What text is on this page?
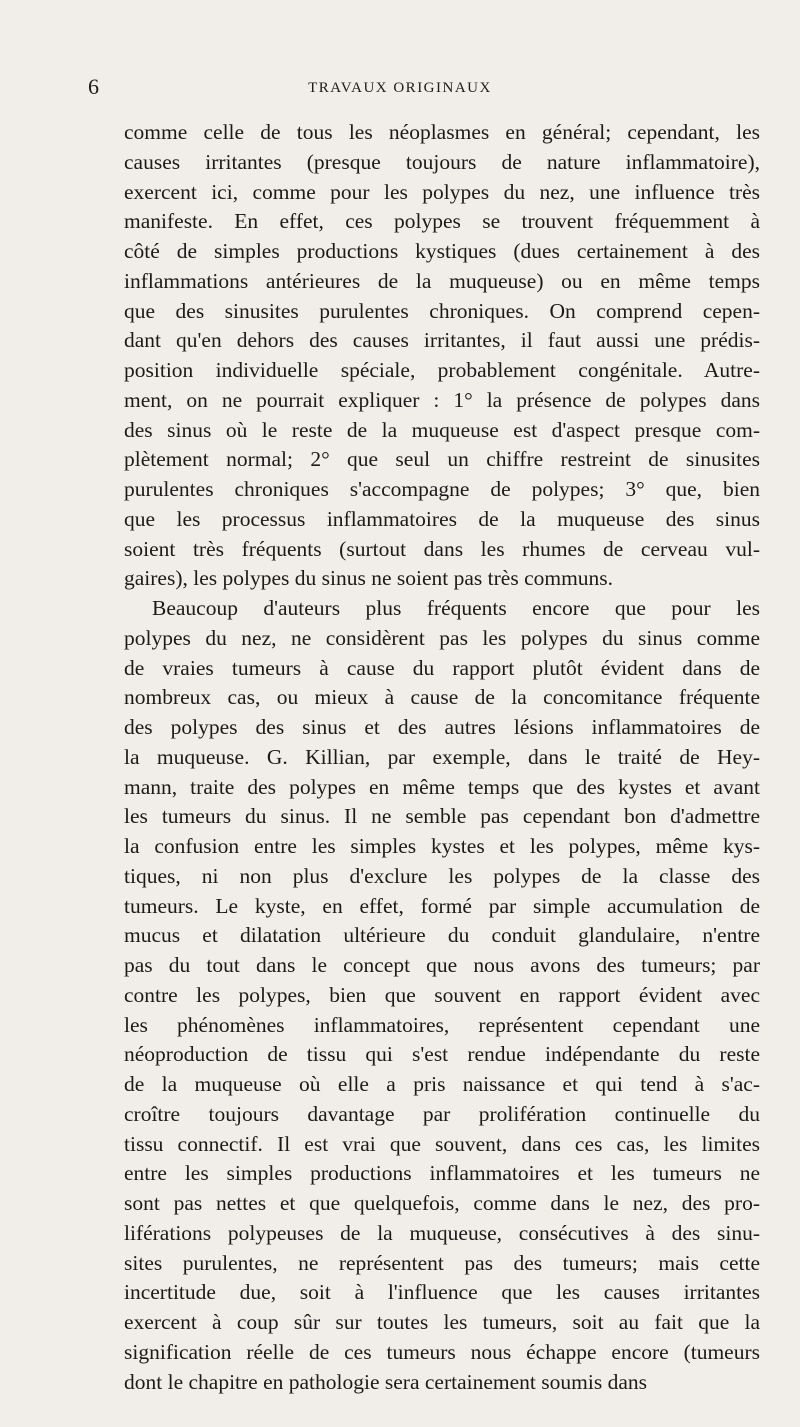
6	TRAVAUX ORIGINAUX
comme celle de tous les néoplasmes en général; cependant, les
causes irritantes (presque toujours de nature inflammatoire),
exercent ici, comme pour les polypes du nez, une influence très
manifeste. En effet, ces polypes se trouvent fréquemment à
côté de simples productions kystiques (dues certainement à des
inflammations antérieures de la muqueuse) ou en même temps
que des sinusites purulentes chroniques. On comprend cepen-
dant qu'en dehors des causes irritantes, il faut aussi une prédis-
position individuelle spéciale, probablement congénitale. Autre-
ment, on ne pourrait expliquer : 1° la présence de polypes dans
des sinus où le reste de la muqueuse est d'aspect presque com-
plètement normal; 2° que seul un chiffre restreint de sinusites
purulentes chroniques s'accompagne de polypes; 3° que, bien
que les processus inflammatoires de la muqueuse des sinus
soient très fréquents (surtout dans les rhumes de cerveau vul-
gaires), les polypes du sinus ne soient pas très communs.
Beaucoup d'auteurs plus fréquents encore que pour les
polypes du nez, ne considèrent pas les polypes du sinus comme
de vraies tumeurs à cause du rapport plutôt évident dans de
nombreux cas, ou mieux à cause de la concomitance fréquente
des polypes des sinus et des autres lésions inflammatoires de
la muqueuse. G. Killian, par exemple, dans le traité de Hey-
mann, traite des polypes en même temps que des kystes et avant
les tumeurs du sinus. Il ne semble pas cependant bon d'admettre
la confusion entre les simples kystes et les polypes, même kys-
tiques, ni non plus d'exclure les polypes de la classe des
tumeurs. Le kyste, en effet, formé par simple accumulation de
mucus et dilatation ultérieure du conduit glandulaire, n'entre
pas du tout dans le concept que nous avons des tumeurs; par
contre les polypes, bien que souvent en rapport évident avec
les phénomènes inflammatoires, représentent cependant une
néoproduction de tissu qui s'est rendue indépendante du reste
de la muqueuse où elle a pris naissance et qui tend à s'ac-
croître toujours davantage par prolifération continuelle du
tissu connectif. Il est vrai que souvent, dans ces cas, les limites
entre les simples productions inflammatoires et les tumeurs ne
sont pas nettes et que quelquefois, comme dans le nez, des pro-
liférations polypeuses de la muqueuse, consécutives à des sinu-
sites purulentes, ne représentent pas des tumeurs; mais cette
incertitude due, soit à l'influence que les causes irritantes
exercent à coup sûr sur toutes les tumeurs, soit au fait que la
signification réelle de ces tumeurs nous échappe encore (tumeurs
dont le chapitre en pathologie sera certainement soumis dans
